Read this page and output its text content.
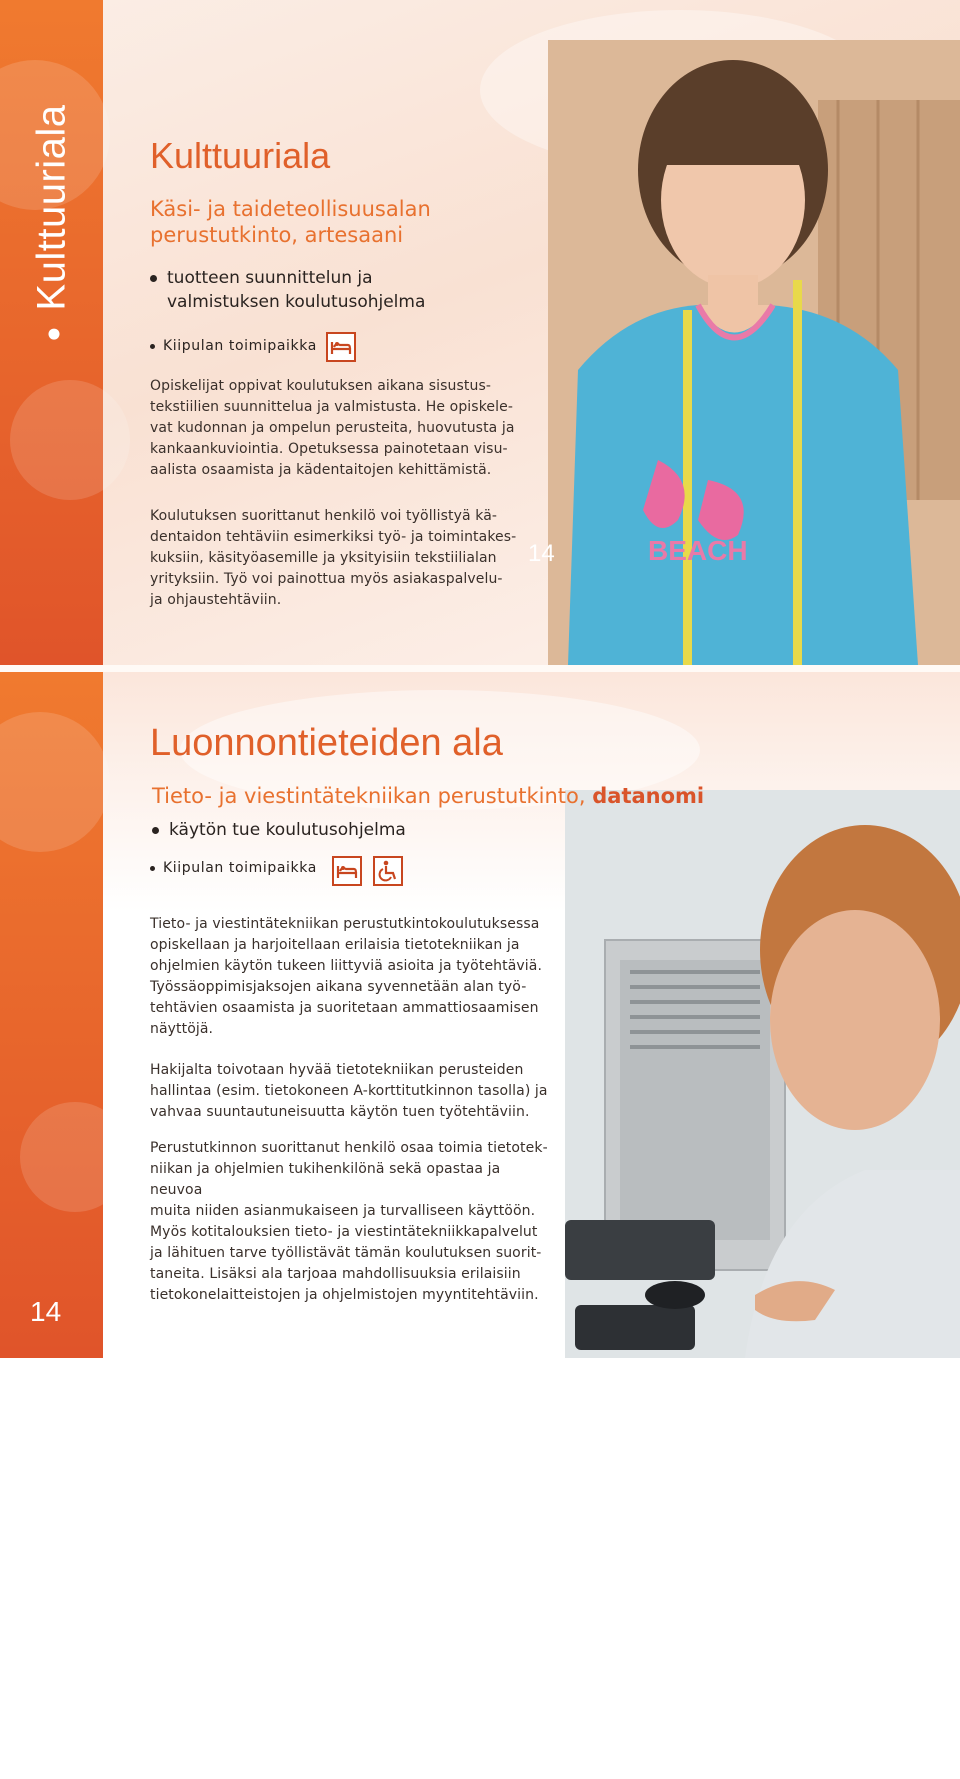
Kulttuuriala
Luonnontieteiden ala
14
BEACH
14
Kulttuuriala

Käsi- ja taideteollisuusalan

perustutkinto, artesaani

tuotteen suunnittelun ja
valmistuksen koulutusohjelma
Kiipulan toimipaikka

Opiskelijat oppivat koulutuksen aikana sisustus-

tekstiilien suunnittelua ja valmistusta. He opiskele-

vat kudonnan ja ompelun perusteita, huovutusta ja

kankaankuviointia. Opetuksessa painotetaan visu-

aalista osaamista ja kädentaitojen kehittämistä.

Koulutuksen suorittanut henkilö voi työllistyä kä-

dentaidon tehtäviin esimerkiksi työ- ja toimintakes-

kuksiin, käsityöasemille ja yksityisiin tekstiilialan

yrityksiin. Työ voi painottua myös asiakaspalvelu-

ja ohjaustehtäviin.

Luonnontieteiden ala

Tieto- ja viestintätekniikan perustutkinto, datanomi

käytön tue koulutusohjelma
Kiipulan toimipaikka

Tieto- ja viestintätekniikan perustutkintokoulutuksessa

opiskellaan ja harjoitellaan erilaisia tietotekniikan ja

ohjelmien käytön tukeen liittyviä asioita ja työtehtäviä.

Työssäoppimisjaksojen aikana syvennetään alan työ-

tehtävien osaamista ja suoritetaan ammattiosaamisen

näyttöjä.

Hakijalta toivotaan hyvää tietotekniikan perusteiden

hallintaa (esim. tietokoneen A-korttitutkinnon tasolla) ja

vahvaa suuntautuneisuutta käytön tuen työtehtäviin.

Perustutkinnon suorittanut henkilö osaa toimia tietotek-

niikan ja ohjelmien tukihenkilönä sekä opastaa ja neuvoa

muita niiden asianmukaiseen ja turvalliseen käyttöön.

Myös kotitalouksien tieto- ja viestintätekniikkapalvelut

ja lähituen tarve työllistävät tämän koulutuksen suorit-

taneita. Lisäksi ala tarjoaa mahdollisuuksia erilaisiin

tietokonelaitteistojen ja ohjelmistojen myyntitehtäviin.
